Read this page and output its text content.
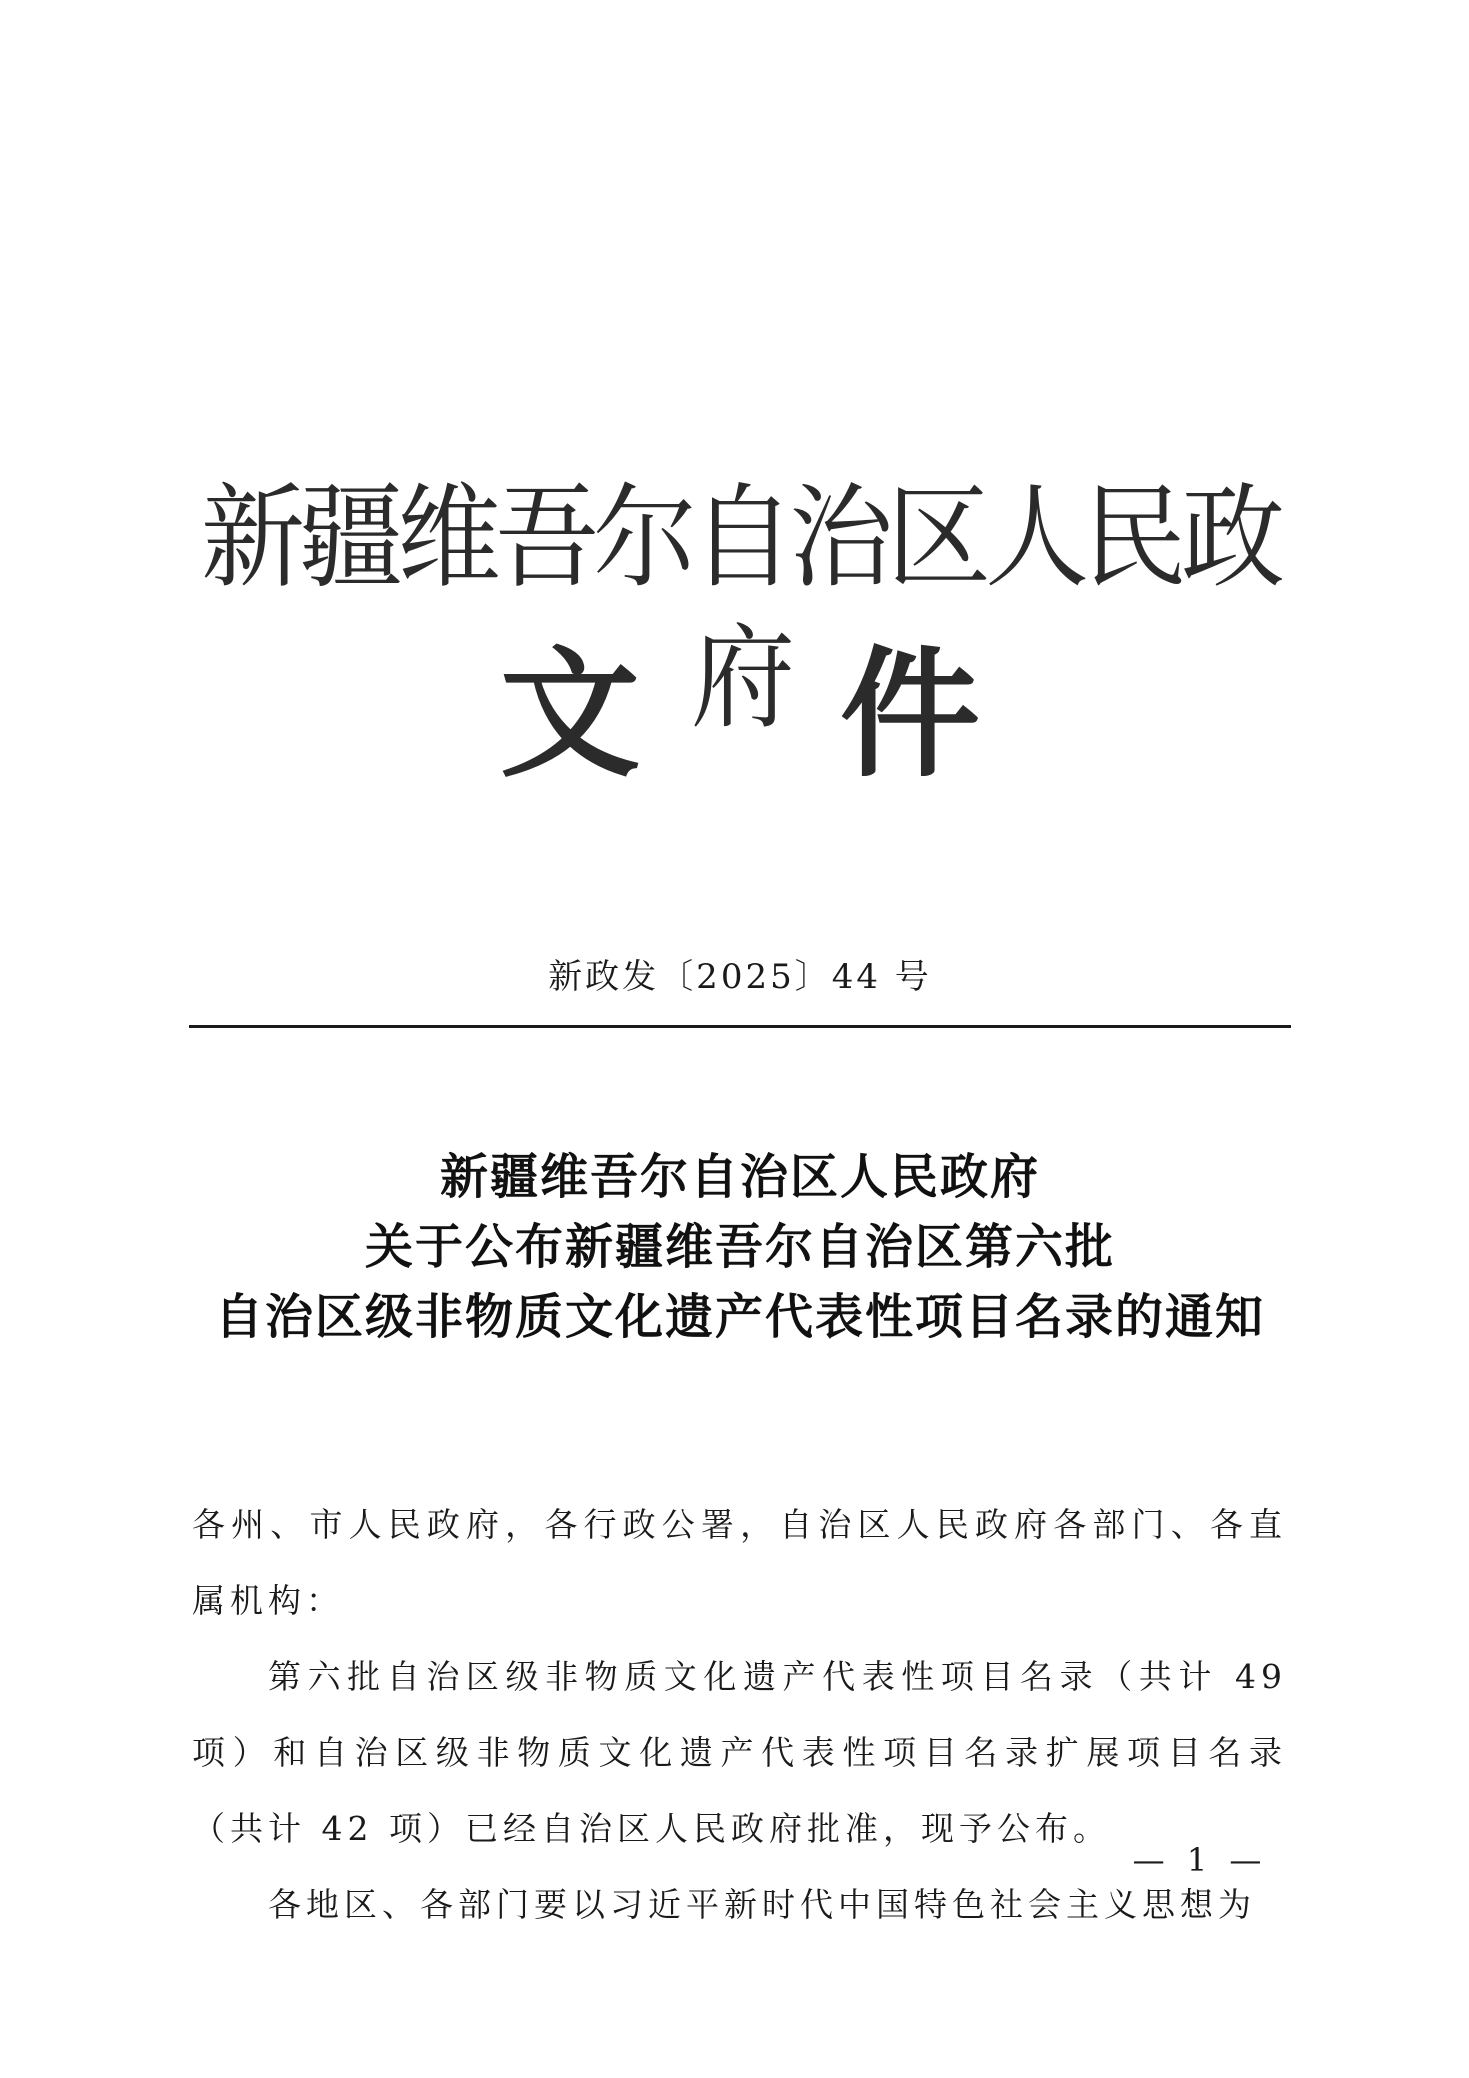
新疆维吾尔自治区人民政府
文 件
新政发〔2025〕44 号
新疆维吾尔自治区人民政府
关于公布新疆维吾尔自治区第六批
自治区级非物质文化遗产代表性项目名录的通知

各州、市人民政府，各行政公署，自治区人民政府各部门、各直属机构：

第六批自治区级非物质文化遗产代表性项目名录（共计 49 项）和自治区级非物质文化遗产代表性项目名录扩展项目名录（共计 42 项）已经自治区人民政府批准，现予公布。

各地区、各部门要以习近平新时代中国特色社会主义思想为

— 1 —
